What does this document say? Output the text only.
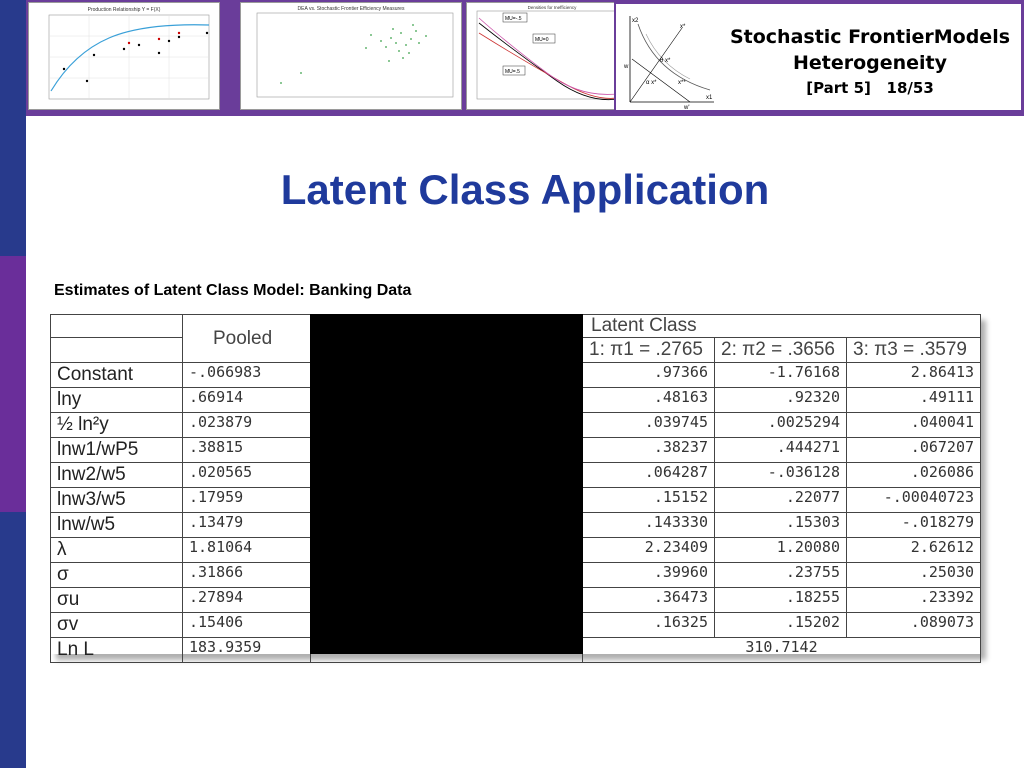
Production Relationship Y = F(X)	DEA vs. Stochastic Frontier Efficiency Measures	Densities for Inefficiency
MU=-.5
MU=0
MU=.5
x2
x*
x1
w
w'
θ x*
α x*	x**
Stochastic FrontierModels
Heterogeneity
[Part 5]   18/53
Latent Class Application
Estimates of Latent Class Model: Banking Data
	Pooled		Latent Class		
			1: π1 = .2765	2: π2 = .3656	3: π3 = .3579
Constant	-.066983		.97366	-1.76168	2.86413
lny	.66914		.48163	.92320	.49111
½ ln²y	.023879		.039745	.0025294	.040041
lnw1/wP5	.38815		.38237	.444271	.067207
lnw2/w5	.020565		.064287	-.036128	.026086
lnw3/w5	.17959		.15152	.22077	-.00040723
lnw/w5	.13479		.143330	.15303	-.018279
λ	1.81064		2.23409	1.20080	2.62612
σ	.31866		.39960	.23755	.25030
σu	.27894		.36473	.18255	.23392
σv	.15406		.16325	.15202	.089073
Ln L	183.9359		310.7142		
